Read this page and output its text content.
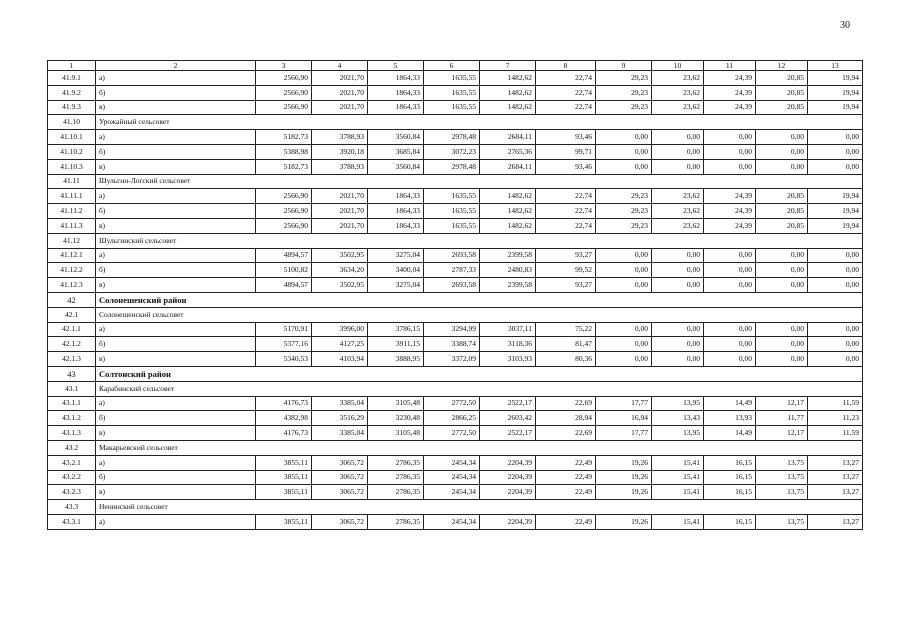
30
1	2	3	4	5	6	7	8	9	10	11	12	13
41.9.1	а)	2566,90	2021,70	1864,33	1635,55	1482,62	22,74	29,23	23,62	24,39	20,85	19,94
41.9.2	б)	2566,90	2021,70	1864,33	1635,55	1482,62	22,74	29,23	23,62	24,39	20,85	19,94
41.9.3	в)	2566,90	2021,70	1864,33	1635,55	1482,62	22,74	29,23	23,62	24,39	20,85	19,94
41.10	Урожайный сельсовет											
41.10.1	а)	5182,73	3788,93	3560,84	2978,48	2684,11	93,46	0,00	0,00	0,00	0,00	0,00
41.10.2	б)	5388,98	3920,18	3685,84	3072,23	2765,36	99,71	0,00	0,00	0,00	0,00	0,00
41.10.3	в)	5182,73	3788,93	3560,84	2978,48	2684,11	93,46	0,00	0,00	0,00	0,00	0,00
41.11	Шульгин-Логский сельсовет											
41.11.1	а)	2566,90	2021,70	1864,33	1635,55	1482,62	22,74	29,23	23,62	24,39	20,85	19,94
41.11.2	б)	2566,90	2021,70	1864,33	1635,55	1482,62	22,74	29,23	23,62	24,39	20,85	19,94
41.11.3	в)	2566,90	2021,70	1864,33	1635,55	1482,62	22,74	29,23	23,62	24,39	20,85	19,94
41.12	Шульгинский сельсовет											
41.12.1	а)	4894,57	3502,95	3275,04	2693,58	2399,58	93,27	0,00	0,00	0,00	0,00	0,00
41.12.2	б)	5100,82	3634,20	3400,04	2787,33	2480,83	99,52	0,00	0,00	0,00	0,00	0,00
41.12.3	в)	4894,57	3502,95	3275,04	2693,58	2399,58	93,27	0,00	0,00	0,00	0,00	0,00
42	Солонешенский район											
42.1	Солонешенский сельсовет											
42.1.1	а)	5170,91	3996,00	3786,15	3294,99	3037,11	75,22	0,00	0,00	0,00	0,00	0,00
42.1.2	б)	5377,16	4127,25	3911,15	3388,74	3118,36	81,47	0,00	0,00	0,00	0,00	0,00
42.1.3	в)	5340,53	4103,94	3888,95	3372,09	3103,93	80,36	0,00	0,00	0,00	0,00	0,00
43	Солтонский район											
43.1	Карабинский сельсовет											
43.1.1	а)	4176,73	3385,04	3105,48	2772,50	2522,17	22,69	17,77	13,95	14,49	12,17	11,59
43.1.2	б)	4382,98	3516,29	3230,48	2866,25	2603,42	28,94	16,94	13,43	13,93	11,77	11,23
43.1.3	в)	4176,73	3385,04	3105,48	2772,50	2522,17	22,69	17,77	13,95	14,49	12,17	11,59
43.2	Макарьевский сельсовет											
43.2.1	а)	3855,11	3065,72	2786,35	2454,34	2204,39	22,49	19,26	15,41	16,15	13,75	13,27
43.2.2	б)	3855,11	3065,72	2786,35	2454,34	2204,39	22,49	19,26	15,41	16,15	13,75	13,27
43.2.3	в)	3855,11	3065,72	2786,35	2454,34	2204,39	22,49	19,26	15,41	16,15	13,75	13,27
43.3	Ненинский сельсовет											
43.3.1	а)	3855,11	3065,72	2786,35	2454,34	2204,39	22,49	19,26	15,41	16,15	13,75	13,27
